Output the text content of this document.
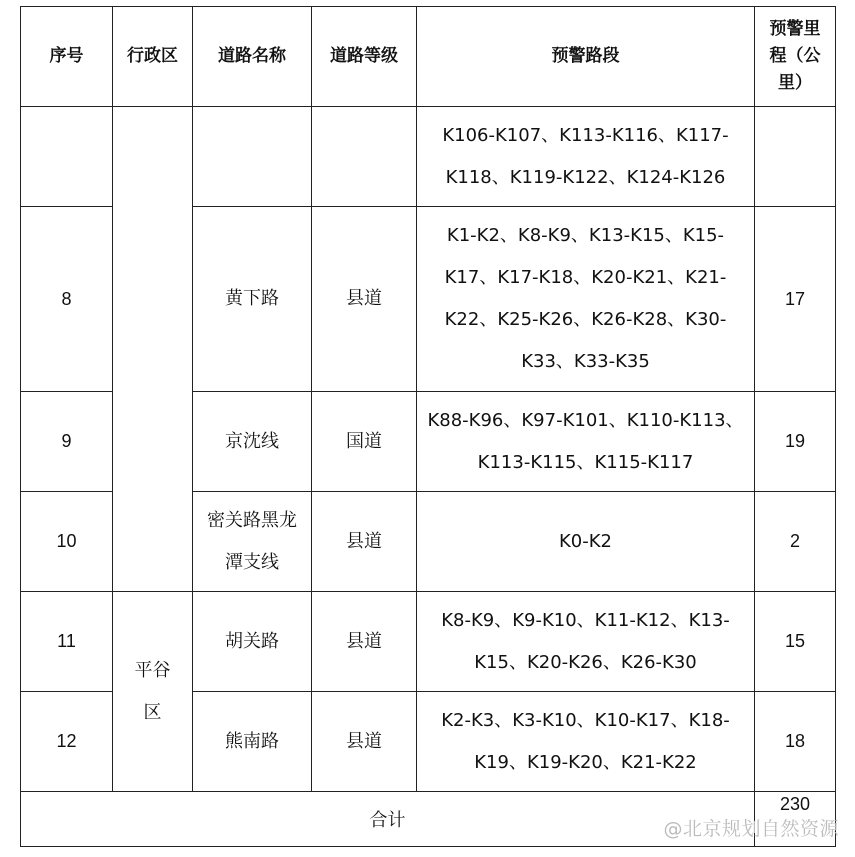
序号	行政区	道路名称	道路等级	预警路段	预警里程（公里）
				K106-K107、K113-K116、K117-K118、K119-K122、K124-K126	
8		黄下路	县道	K1-K2、K8-K9、K13-K15、K15-K17、K17-K18、K20-K21、K21-K22、K25-K26、K26-K28、K30-K33、K33-K35	17
9		京沈线	国道	K88-K96、K97-K101、K110-K113、K113-K115、K115-K117	19
10		密关路黑龙潭支线	县道	K0-K2	2
11	平谷区	胡关路	县道	K8-K9、K9-K10、K11-K12、K13-K15、K20-K26、K26-K30	15
12		熊南路	县道	K2-K3、K3-K10、K10-K17、K18-K19、K19-K20、K21-K22	18
合计					230
@北京规划自然资源
